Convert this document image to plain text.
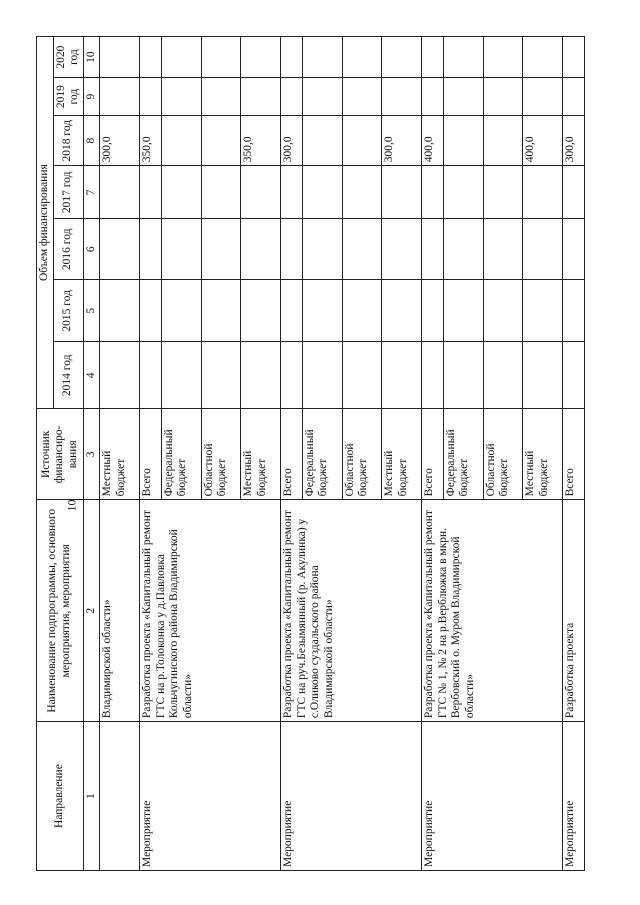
10
Направление	Наименование подпрограммы, основного мероприятия, мероприятия	Источник финансиро-вания	Объем финансирования						
			2014 год	2015 год	2016 год	2017 год	2018 год	2019 год	2020 год
1	2	3	4	5	6	7	8	9	10
	Владимирской области»	Местный бюджет					300,0		
Мероприятие	Разработка проекта «Капитальный ремонт ГТС на р.Толоконка у д.Павловка Кольчугинского района Владимирской области»	Всего					350,0		
		Федеральный бюджет							
		Областной бюджет							
		Местный бюджет					350,0		
Мероприятие	Разработка проекта «Капитальный ремонт ГТС на руч.Безымянный (р. Акулинка) у с.Оликово суздальского района Владимирской области»	Всего					300,0		
		Федеральный бюджет							
		Областной бюджет							
		Местный бюджет					300,0		
Мероприятие	Разработка проекта «Капитальный ремонт ГТС № 1, № 2 на р.Верблюжка в мкрн. Вербовский о. Муром Владимирской области»	Всего					400,0		
		Федеральный бюджет							
		Областной бюджет							
		Местный бюджет					400,0		
Мероприятие	Разработка проекта	Всего					300,0		
